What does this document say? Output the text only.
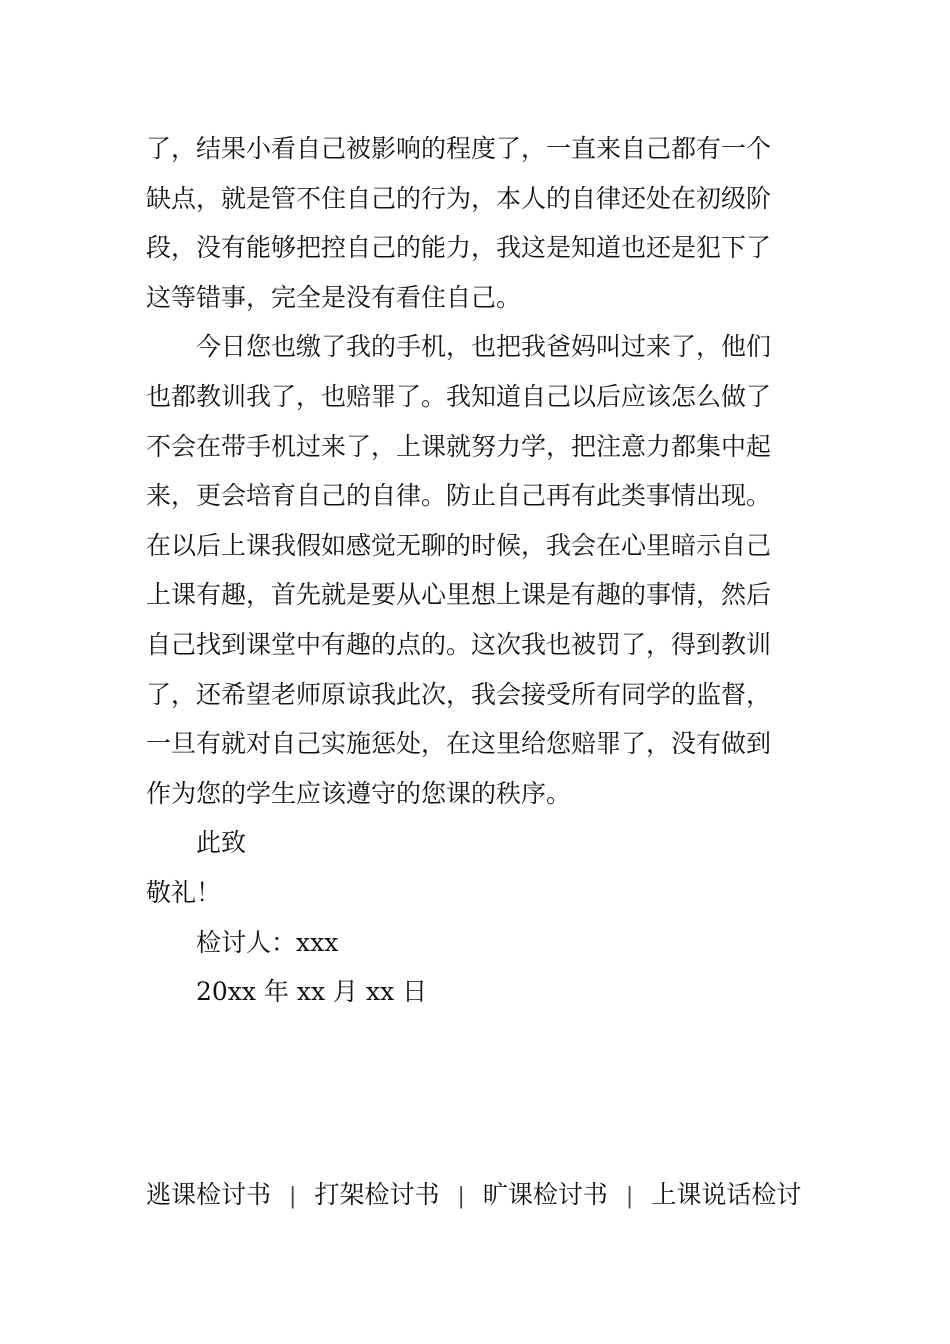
了，结果小看自己被影响的程度了，一直来自己都有一个
缺点，就是管不住自己的行为，本人的自律还处在初级阶
段，没有能够把控自己的能力，我这是知道也还是犯下了
这等错事，完全是没有看住自己。
今日您也缴了我的手机，也把我爸妈叫过来了，他们
也都教训我了，也赔罪了。我知道自己以后应该怎么做了
不会在带手机过来了，上课就努力学，把注意力都集中起
来，更会培育自己的自律。防止自己再有此类事情出现。
在以后上课我假如感觉无聊的时候，我会在心里暗示自己
上课有趣，首先就是要从心里想上课是有趣的事情，然后
自己找到课堂中有趣的点的。这次我也被罚了，得到教训
了，还希望老师原谅我此次，我会接受所有同学的监督，
一旦有就对自己实施惩处，在这里给您赔罪了，没有做到
作为您的学生应该遵守的您课的秩序。
此致
敬礼！
检讨人：xxx
20xx 年 xx 月 xx 日
逃课检讨书 | 打架检讨书 | 旷课检讨书 | 上课说话检讨
